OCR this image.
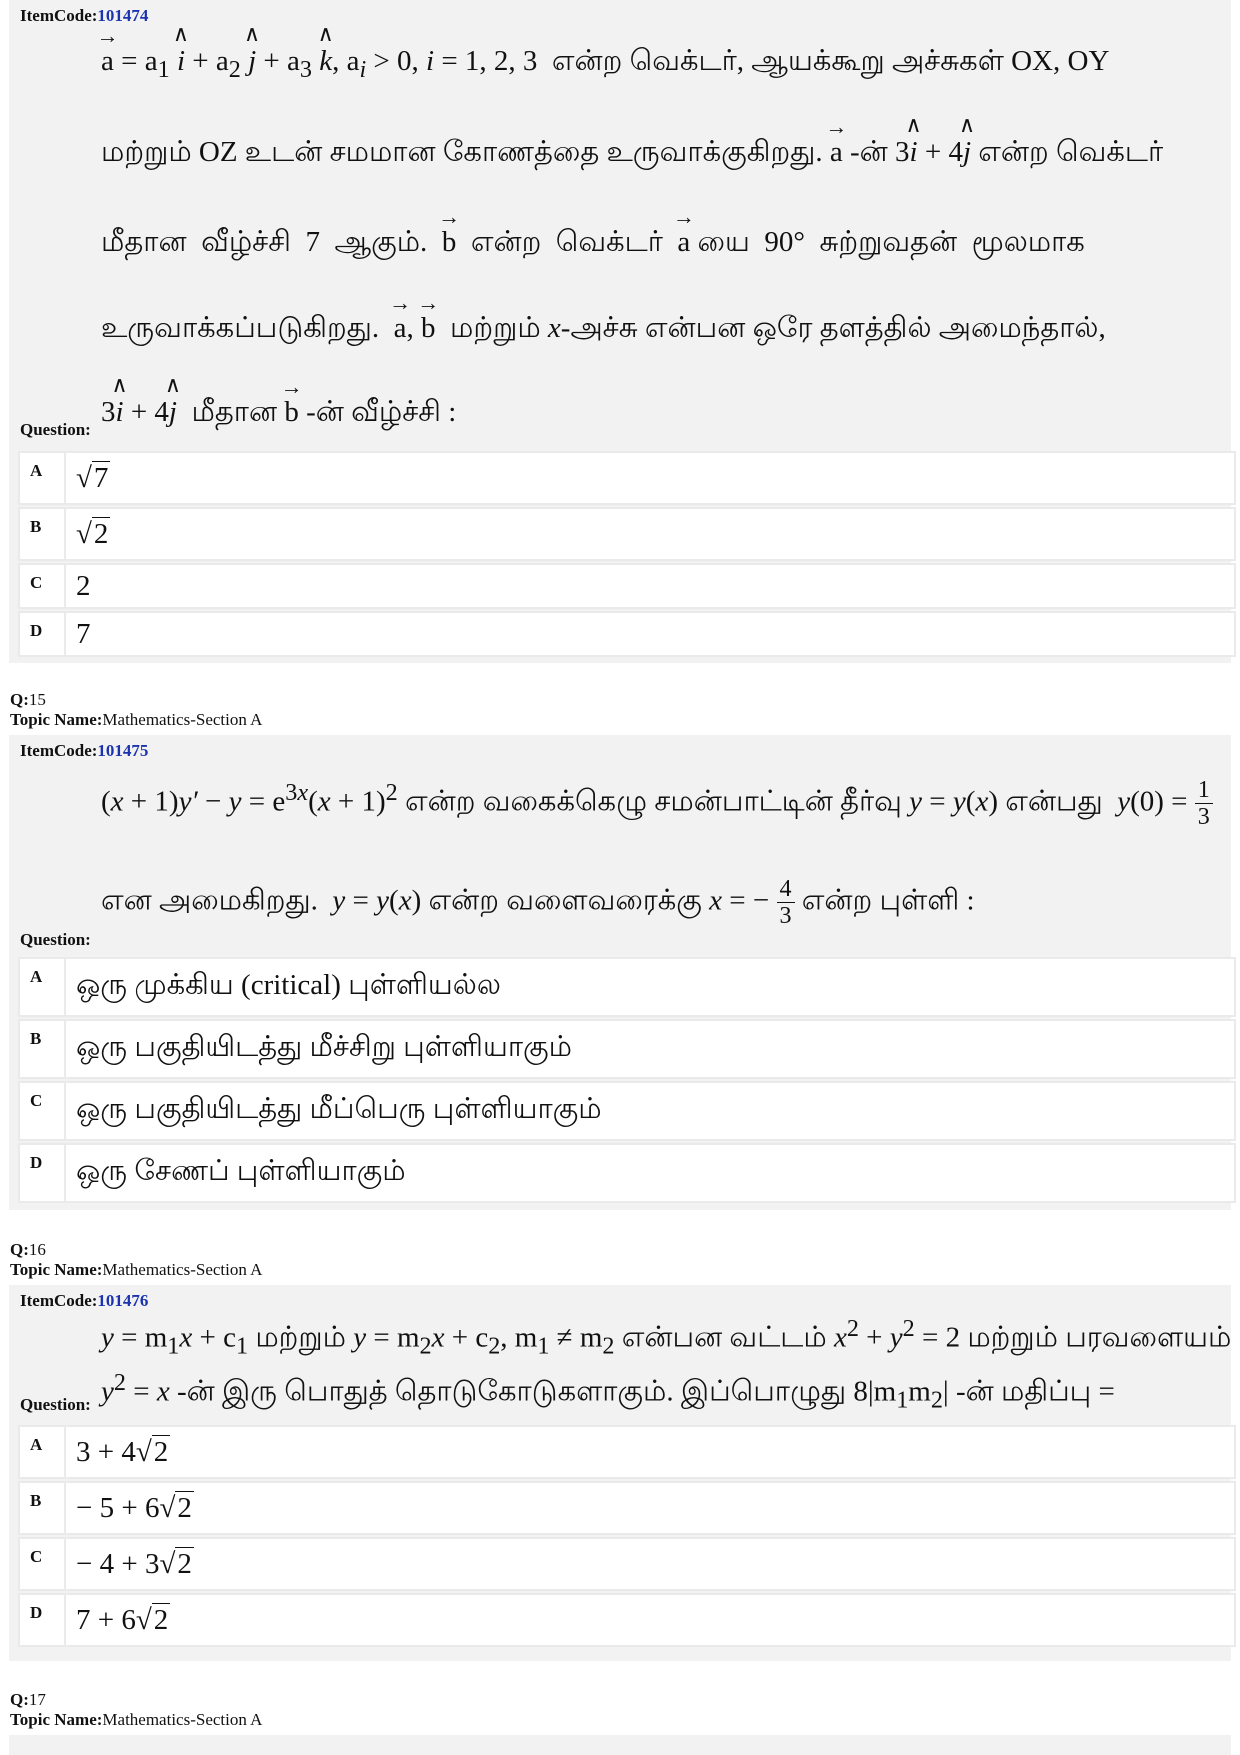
ItemCode:101474
→ $a = a_1$ ∧ $i + a_2$ ∧ $j + a_3$ ∧ k, $a_i > 0$, i = 1, 2, 3  என்ற வெக்டர், ஆயக்கூறு அச்சுகள் OX, OY
மற்றும் OZ உடன் சமமான கோணத்தை உருவாக்குகிறது. → a -ன் 3∧ i + 4∧ j என்ற வெக்டர்
மீதான  வீழ்ச்சி  7  ஆகும்.  → b  என்ற  வெக்டர்  → a யை  90°  சுற்றுவதன்  மூலமாக
உருவாக்கப்படுகிறது.  → a, → b  மற்றும் x-அச்சு என்பன ஒரே தளத்தில் அமைந்தால்,
3∧ i + 4∧ j  மீதான → b -ன் வீழ்ச்சி :
Question:
A	√ 7
B	√ 2
C	2
D	7
Q:15
Topic Name:Mathematics-Section A
ItemCode:101475
$(x + 1)y' - y = e^{3x}(x + 1)^2$ என்ற வகைக்கெழு சமன்பாட்டின் தீர்வு y = y(x) என்பது  $y(0) = \frac{1}{3}$
என அமைகிறது.  y = y(x) என்ற வளைவரைக்கு x = − $\frac{4}{3}$ என்ற புள்ளி :
Question:
A	ஒரு முக்கிய (critical) புள்ளியல்ல
B	ஒரு பகுதியிடத்து மீச்சிறு புள்ளியாகும்
C	ஒரு பகுதியிடத்து மீப்பெரு புள்ளியாகும்
D	ஒரு சேணப் புள்ளியாகும்
Q:16
Topic Name:Mathematics-Section A
ItemCode:101476
$y = m_1x + c_1$ மற்றும் $y = m_2x + c_2$, $m_1 \ne m_2$ என்பன வட்டம் $x^2 + y^2 = 2$ மற்றும் பரவளையம்
$y^2 = x$ -ன் இரு பொதுத் தொடுகோடுகளாகும். இப்பொழுது $8|m_1m_2|$ -ன் மதிப்பு =
Question:
A 3 + 4 √ 2
B − 5 + 6 √ 2
C − 4 + 3 √ 2
D 7 + 6 √ 2
Q:17
Topic Name:Mathematics-Section A
